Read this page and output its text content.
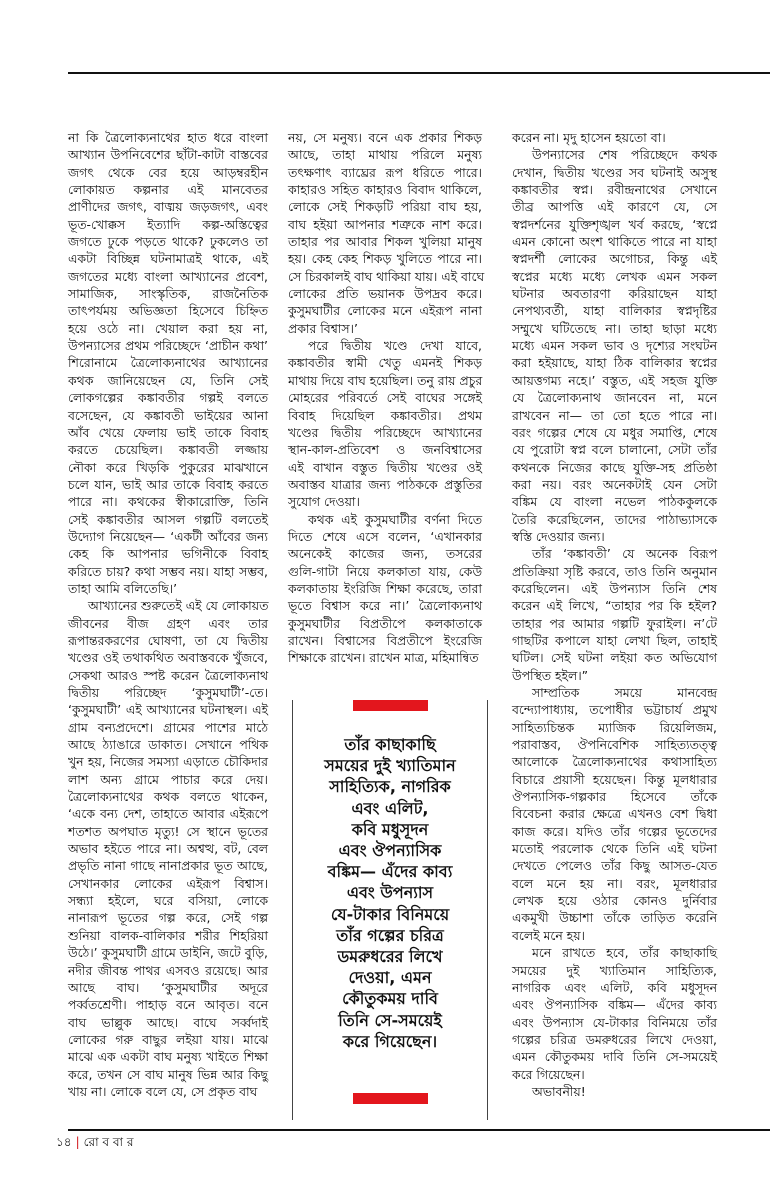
না কি ত্রৈলোক্যনাথের হাত ধরে বাংলা
আখ্যান উপনিবেশের ছাঁটা-কাটা বাস্তবের
জগৎ থেকে বের হয়ে আড়ম্বরহীন
লোকায়ত কল্পনার এই মানবেতর
প্রাণীদের জগৎ, বাঙ্ময় জড়জগৎ, এবং
ভূত-খোক্কস ইত্যাদি কল্প-অস্তিত্বের
জগতে ঢুকে পড়তে থাকে? ঢুকলেও তা
একটা বিচ্ছিন্ন ঘটনামাত্রই থাকে, এই
জগতের মধ্যে বাংলা আখ্যানের প্রবেশ,
সামাজিক, সাংস্কৃতিক, রাজনৈতিক
তাৎপর্যময় অভিজ্ঞতা হিসেবে চিহ্নিত
হয়ে ওঠে না। খেয়াল করা হয় না,
উপন্যাসের প্রথম পরিচ্ছেদে ‘প্রাচীন কথা’
শিরোনামে ত্রৈলোক্যনাথের আখ্যানের
কথক জানিয়েছেন যে, তিনি সেই
লোকগল্পের কঙ্কাবতীর গল্পই বলতে
বসেছেন, যে কঙ্কাবতী ভাইয়ের আনা
আঁব খেয়ে ফেলায় ভাই তাকে বিবাহ
করতে চেয়েছিল। কঙ্কাবতী লজ্জায়
নৌকা করে খিড়কি পুকুরের মাঝখানে
চলে যান, ভাই আর তাকে বিবাহ করতে
পারে না। কথকের স্বীকারোক্তি, তিনি
সেই কঙ্কাবতীর আসল গল্পটি বলতেই
উদ্যোগ নিয়েছেন— ‘একটী আঁবের জন্য
কেহ কি আপনার ভগিনীকে বিবাহ
করিতে চায়? কথা সম্ভব নয়। যাহা সম্ভব,
তাহা আমি বলিতেছি।’
আখ্যানের শুরুতেই এই যে লোকায়ত
জীবনের বীজ গ্রহণ এবং তার
রূপান্তরকরণের ঘোষণা, তা যে দ্বিতীয়
খণ্ডের ওই তথাকথিত অবাস্তবকে খুঁজবে,
সেকথা আরও স্পষ্ট করেন ত্রৈলোক্যনাথ
দ্বিতীয় পরিচ্ছেদ ‘কুসুমঘাটী’-তে।
‘কুসুমঘাটী’ এই আখ্যানের ঘটনাস্থল। এই
গ্রাম বন্যপ্রদেশে। গ্রামের পাশের মাঠে
আছে ঠ্যাঙারে ডাকাত। সেখানে পথিক
খুন হয়, নিজের সমস্যা এড়াতে চৌকিদার
লাশ অন্য গ্রামে পাচার করে দেয়।
ত্রৈলোক্যনাথের কথক বলতে থাকেন,
‘একে বন্য দেশ, তাহাতে আবার এইরূপে
শতশত অপঘাত মৃত্যু! সে স্থানে ভূতের
অভাব হইতে পারে না। অশ্বত্থ, বট, বেল
প্রভৃতি নানা গাছে নানাপ্রকার ভূত আছে,
সেখানকার লোকের এইরূপ বিশ্বাস।
সন্ধ্যা হইলে, ঘরে বসিয়া, লোকে
নানারূপ ভূতের গল্প করে, সেই গল্প
শুনিয়া বালক-বালিকার শরীর শিহরিয়া
উঠে।’ কুসুমঘাটী গ্রামে ডাইনি, জটে বুড়ি,
নদীর জীবন্ত পাথর এসবও রয়েছে। আর
আছে বাঘ। ‘কুসুমঘাটীর অদূরে
পর্ব্বতশ্রেণী। পাহাড় বনে আবৃত। বনে
বাঘ ভাল্লুক আছে। বাঘে সর্ব্বদাই
লোকের গরু বাছুর লইয়া যায়। মাঝে
মাঝে এক একটা বাঘ মনুষ্য খাইতে শিক্ষা
করে, তখন সে বাঘ মানুষ ভিন্ন আর কিছু
খায় না। লোকে বলে যে, সে প্রকৃত বাঘ
নয়, সে মনুষ্য। বনে এক প্রকার শিকড়
আছে, তাহা মাথায় পরিলে মনুষ্য
তৎক্ষণাৎ ব্যাঘ্রের রূপ ধরিতে পারে।
কাহারও সহিত কাহারও বিবাদ থাকিলে,
লোকে সেই শিকড়টি পরিয়া বাঘ হয়,
বাঘ হইয়া আপনার শত্রুকে নাশ করে।
তাহার পর আবার শিকল খুলিয়া মানুষ
হয়। কেহ কেহ শিকড় খুলিতে পারে না।
সে চিরকালই বাঘ থাকিয়া যায়। এই বাঘে
লোকের প্রতি ভয়ানক উপদ্রব করে।
কুসুমঘাটীর লোকের মনে এইরূপ নানা
প্রকার বিশ্বাস।’
পরে দ্বিতীয় খণ্ডে দেখা যাবে,
কঙ্কাবতীর স্বামী খেতু এমনই শিকড়
মাথায় দিয়ে বাঘ হয়েছিল। তনু রায় প্রচুর
মোহরের পরিবর্তে সেই বাঘের সঙ্গেই
বিবাহ দিয়েছিল কঙ্কাবতীর। প্রথম
খণ্ডের দ্বিতীয় পরিচ্ছেদে আখ্যানের
স্থান-কাল-প্রতিবেশ ও জনবিশ্বাসের
এই বাখান বস্তুত দ্বিতীয় খণ্ডের ওই
অবাস্তব যাত্রার জন্য পাঠককে প্রস্তুতির
সুযোগ দেওয়া।
কথক এই কুসুমঘাটীর বর্ণনা দিতে
দিতে শেষে এসে বলেন, ‘এখানকার
অনেকেই কাজের জন্য, তসরের
গুলি-গাটা নিয়ে কলকাতা যায়, কেউ
কলকাতায় ইংরিজি শিক্ষা করেছে, তারা
ভূতে বিশ্বাস করে না।’ ত্রৈলোক্যনাথ
কুসুমঘাটীর বিপ্রতীপে কলকাতাকে
রাখেন। বিশ্বাসের বিপ্রতীপে ইংরেজি
শিক্ষাকে রাখেন। রাখেন মাত্র, মহিমান্বিত
করেন না। মৃদু হাসেন হয়তো বা।
উপন্যাসের শেষ পরিচ্ছেদে কথক
দেখান, দ্বিতীয় খণ্ডের সব ঘটনাই অসুস্থ
কঙ্কাবতীর স্বপ্ন। রবীন্দ্রনাথের সেখানে
তীব্র আপত্তি এই কারণে যে, সে
স্বপ্নদর্শনের যুক্তিশৃঙ্খল খর্ব করছে, ‘স্বপ্নে
এমন কোনো অংশ থাকিতে পারে না যাহা
স্বপ্নদর্শী লোকের অগোচর, কিন্তু এই
স্বপ্নের মধ্যে মধ্যে লেখক এমন সকল
ঘটনার অবতারণা করিয়াছেন যাহা
নেপথ্যবর্তী, যাহা বালিকার স্বপ্নদৃষ্টির
সম্মুখে ঘটিতেছে না। তাহা ছাড়া মধ্যে
মধ্যে এমন সকল ভাব ও দৃশ্যের সংঘটন
করা হইয়াছে, যাহা ঠিক বালিকার স্বপ্নের
আয়ত্তগম্য নহে।’ বস্তুত, এই সহজ যুক্তি
যে ত্রৈলোক্যনাথ জানবেন না, মনে
রাখবেন না— তা তো হতে পারে না।
বরং গল্পের শেষে যে মধুর সমাপ্তি, শেষে
যে পুরোটা স্বপ্ন বলে চালানো, সেটা তাঁর
কথনকে নিজের কাছে যুক্তি-সহ প্রতিষ্ঠা
করা নয়। বরং অনেকটাই যেন সেটা
বঙ্কিম যে বাংলা নভেল পাঠককুলকে
তৈরি করেছিলেন, তাদের পাঠাভ্যাসকে
স্বস্তি দেওয়ার জন্য।
তাঁর ‘কঙ্কাবতী’ যে অনেক বিরূপ
প্রতিক্রিয়া সৃষ্টি করবে, তাও তিনি অনুমান
করেছিলেন। এই উপন্যাস তিনি শেষ
করেন এই লিখে, “তাহার পর কি হইল?
তাহার পর আমার গল্পটি ফুরাইল। ন’টে
গাছটির কপালে যাহা লেখা ছিল, তাহাই
ঘটিল। সেই ঘটনা লইয়া কত অভিযোগ
উপস্থিত হইল।”
সাম্প্রতিক সময়ে মানবেন্দ্র
বন্দ্যোপাধ্যায়, তপোধীর ভট্টাচার্য প্রমুখ
সাহিত্যচিন্তক ম্যাজিক রিয়েলিজম,
পরাবাস্তব, ঔপনিবেশিক সাহিত্যতত্ত্ব
আলোকে ত্রৈলোক্যনাথের কথাসাহিত্য
বিচারে প্রয়াসী হয়েছেন। কিন্তু মূলধারার
ঔপন্যাসিক-গল্পকার হিসেবে তাঁকে
বিবেচনা করার ক্ষেত্রে এখনও বেশ দ্বিধা
কাজ করে। যদিও তাঁর গল্পের ভূতেদের
মতোই পরলোক থেকে তিনি এই ঘটনা
দেখতে পেলেও তাঁর কিছু আসত-যেত
বলে মনে হয় না। বরং, মূলধারার
লেখক হয়ে ওঠার কোনও দুর্নিবার
একমুখী উচ্চাশা তাঁকে তাড়িত করেনি
বলেই মনে হয়।
মনে রাখতে হবে, তাঁর কাছাকাছি
সময়ের দুই খ্যাতিমান সাহিত্যিক,
নাগরিক এবং এলিট, কবি মধুসূদন
এবং ঔপন্যাসিক বঙ্কিম— এঁদের কাব্য
এবং উপন্যাস যে-টাকার বিনিময়ে তাঁর
গল্পের চরিত্র ডমরুধরের লিখে দেওয়া,
এমন কৌতুকময় দাবি তিনি সে-সময়েই
করে গিয়েছেন।
অভাবনীয়!
তাঁর কাছাকাছি
সময়ের দুই খ্যাতিমান
সাহিত্যিক, নাগরিক
এবং এলিট,
কবি মধুসূদন
এবং ঔপন্যাসিক
বঙ্কিম— এঁদের কাব্য
এবং উপন্যাস
যে-টাকার বিনিময়ে
তাঁর গল্পের চরিত্র
ডমরুধরের লিখে
দেওয়া, এমন
কৌতুকময় দাবি
তিনি সে-সময়েই
করে গিয়েছেন।
১৪ | রো ব বা র
